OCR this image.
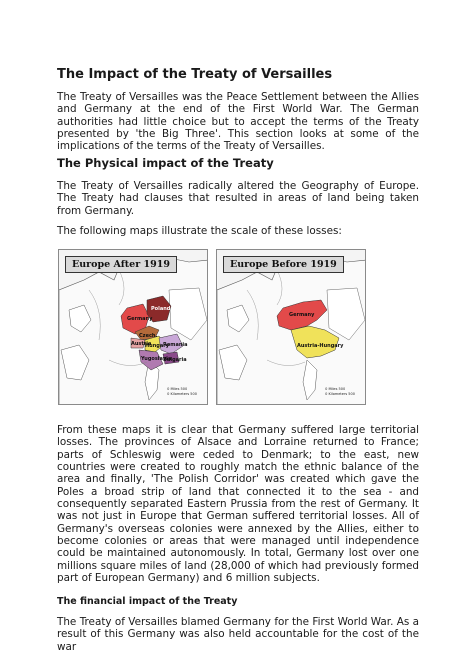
The Impact of the Treaty of Versailles

The Treaty of Versailles was the Peace Settlement between the Allies and Germany at the end of the First World War. The German authorities had little choice but to accept the terms of the Treaty presented by 'the Big Three'. This section looks at some of the implications of the terms of the Treaty of Versailles.

The Physical impact of the Treaty

The Treaty of Versailles radically altered the Geography of Europe. The Treaty had clauses that resulted in areas of land being taken from Germany.

The following maps illustrate the scale of these losses:

Europe After 1919
Germany
Poland
Czech.
Austria
Hungary
Romania
Yugoslavia
Bulgaria
0 Miles 500
0 Kilometers 500
Europe Before 1919
Germany
Austria-Hungary
0 Miles 500
0 Kilometers 500

From these maps it is clear that Germany suffered large territorial losses. The provinces of Alsace and Lorraine returned to France; parts of Schleswig were ceded to Denmark; to the east, new countries were created to roughly match the ethnic balance of the area and finally, 'The Polish Corridor' was created which gave the Poles a broad strip of land that connected it to the sea - and consequently separated Eastern Prussia from the rest of Germany. It was not just in Europe that German suffered territorial losses. All of Germany's overseas colonies were annexed by the Allies, either to become colonies or areas that were managed until independence could be maintained autonomously. In total, Germany lost over one millions square miles of land (28,000 of which had previously formed part of European Germany) and 6 million subjects.

The financial impact of the Treaty

The Treaty of Versailles blamed Germany for the First World War. As a result of this Germany was also held accountable for the cost of the war
